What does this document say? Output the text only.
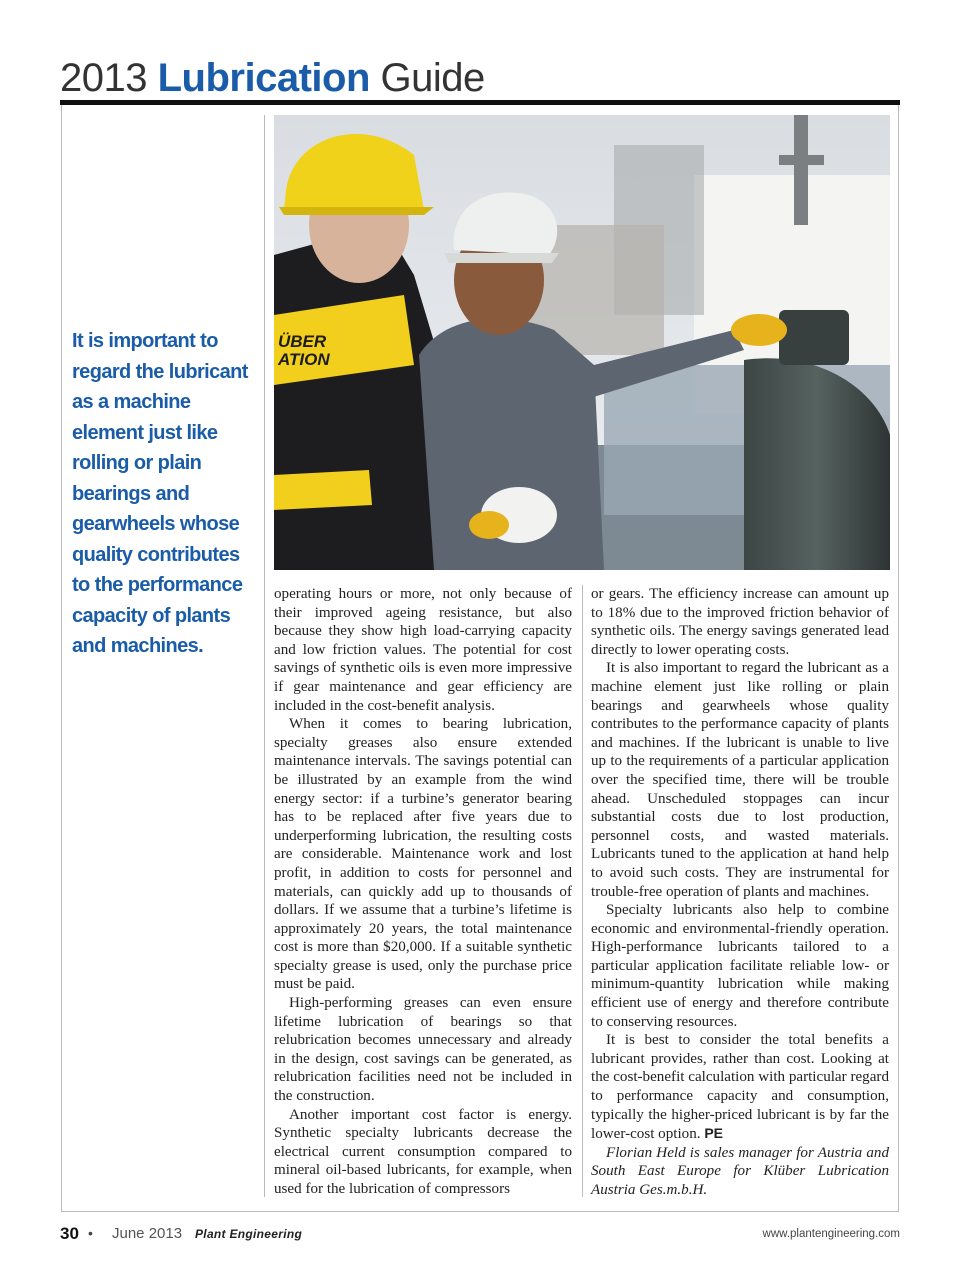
2013 Lubrication Guide

It is important to regard the lubricant as a machine element just like rolling or plain bearings and gearwheels whose quality contributes to the performance capacity of plants and machines.

ÜBER ATION

operating hours or more, not only because of their improved ageing resistance, but also because they show high load-carrying capacity and low friction values. The potential for cost savings of synthetic oils is even more impressive if gear maintenance and gear efficiency are included in the cost-benefit analysis.

When it comes to bearing lubrication, specialty greases also ensure extended maintenance intervals. The savings potential can be illustrated by an example from the wind energy sector: if a turbine’s generator bearing has to be replaced after five years due to underperforming lubrication, the resulting costs are considerable. Maintenance work and lost profit, in addition to costs for personnel and materials, can quickly add up to thousands of dollars. If we assume that a turbine’s lifetime is approximately 20 years, the total maintenance cost is more than $20,000. If a suitable synthetic specialty grease is used, only the purchase price must be paid.

High-performing greases can even ensure lifetime lubrication of bearings so that relubrication becomes unnecessary and already in the design, cost savings can be generated, as relubrication facilities need not be included in the construction.

Another important cost factor is energy. Synthetic specialty lubricants decrease the electrical current consumption compared to mineral oil-based lubricants, for example, when used for the lubrication of compressors

or gears. The efficiency increase can amount up to 18% due to the improved friction behavior of synthetic oils. The energy savings generated lead directly to lower operating costs.

It is also important to regard the lubricant as a machine element just like rolling or plain bearings and gearwheels whose quality contributes to the performance capacity of plants and machines. If the lubricant is unable to live up to the requirements of a particular application over the specified time, there will be trouble ahead. Unscheduled stoppages can incur substantial costs due to lost production, personnel costs, and wasted materials. Lubricants tuned to the application at hand help to avoid such costs. They are instrumental for trouble-free operation of plants and machines.

Specialty lubricants also help to combine economic and environmental-friendly operation. High-performance lubricants tailored to a particular application facilitate reliable low- or minimum-quantity lubrication while making efficient use of energy and therefore contribute to conserving resources.

It is best to consider the total benefits a lubricant provides, rather than cost. Looking at the cost-benefit calculation with particular regard to performance capacity and consumption, typically the higher-priced lubricant is by far the lower-cost option. PE

Florian Held is sales manager for Austria and South East Europe for Klüber Lubrication Austria Ges.m.b.H.

30 • June 2013 Plant Engineering	www.plantengineering.com
